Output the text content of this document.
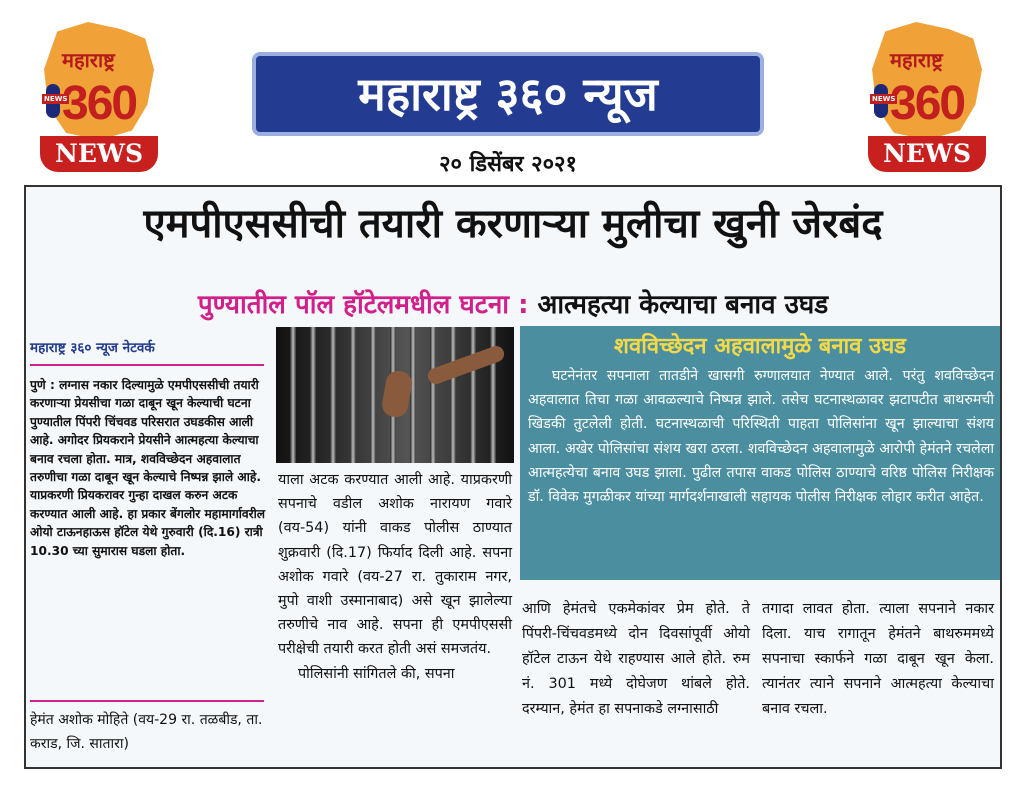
महाराष्ट्र
NEWS
360
NEWS
महाराष्ट्र
NEWS
360
NEWS
महाराष्ट्र ३६० न्यूज
२० डिसेंबर २०२१
एमपीएससीची तयारी करणाऱ्या मुलीचा खुनी जेरबंद
पुण्यातील पॉल हॉटेलमधील घटना : आत्महत्या केल्याचा बनाव उघड
महाराष्ट्र ३६० न्यूज नेटवर्क
पुणे : लग्नास नकार दिल्यामुळे एमपीएससीची तयारी करणाऱ्या प्रेयसीचा गळा दाबून खून केल्याची घटना पुण्यातील पिंपरी चिंचवड परिसरात उघडकीस आली आहे. अगोदर प्रियकराने प्रेयसीने आत्महत्या केल्याचा बनाव रचला होता. मात्र, शवविच्छेदन अहवालात तरुणीचा गळा दाबून खून केल्याचे निष्पन्न झाले आहे. याप्रकरणी प्रियकरावर गुन्हा दाखल करुन अटक करण्यात आली आहे. हा प्रकार बेंगलोर महामार्गावरील ओयो टाऊनहाऊस हॉटेल येथे गुरुवारी (दि.16) रात्री 10.30 च्या सुमारास घडला होता.
हेमंत अशोक मोहिते (वय-29 रा. तळबीड, ता. कराड, जि. सातारा)

याला अटक करण्यात आली आहे. याप्रकरणी सपनाचे वडील अशोक नारायण गवारे (वय-54) यांनी वाकड पोलीस ठाण्यात शुक्रवारी (दि.17) फिर्याद दिली आहे. सपना अशोक गवारे (वय-27 रा. तुकाराम नगर, मुपो वाशी उस्मानाबाद) असे खून झालेल्या तरुणीचे नाव आहे. सपना ही एमपीएससी परीक्षेची तयारी करत होती असं समजतंय.

पोलिसांनी सांगितले की, सपना

शवविच्छेदन अहवालामुळे बनाव उघड
घटनेनंतर सपनाला तातडीने खासगी रुग्णालयात नेण्यात आले. परंतु शवविच्छेदन अहवालात तिचा गळा आवळल्याचे निष्पन्न झाले. तसेच घटनास्थळावर झटापटीत बाथरुमची खिडकी तुटलेली होती. घटनास्थळाची परिस्थिती पाहता पोलिसांना खून झाल्याचा संशय आला. अखेर पोलिसांचा संशय खरा ठरला. शवविच्छेदन अहवालामुळे आरोपी हेमंतने रचलेला आत्महत्येचा बनाव उघड झाला. पुढील तपास वाकड पोलिस ठाण्याचे वरिष्ठ पोलिस निरीक्षक डॉ. विवेक मुगळीकर यांच्या मार्गदर्शनाखाली सहायक पोलीस निरीक्षक लोहार करीत आहेत.
आणि हेमंतचे एकमेकांवर प्रेम होते. ते पिंपरी-चिंचवडमध्ये दोन दिवसांपूर्वी ओयो हॉटेल टाऊन येथे राहण्यास आले होते. रुम नं. 301 मध्ये दोघेजण थांबले होते. दरम्यान, हेमंत हा सपनाकडे लग्नासाठी
तगादा लावत होता. त्याला सपनाने नकार दिला. याच रागातून हेमंतने बाथरुममध्ये सपनाचा स्कार्फने गळा दाबून खून केला. त्यानंतर त्याने सपनाने आत्महत्या केल्याचा बनाव रचला.
